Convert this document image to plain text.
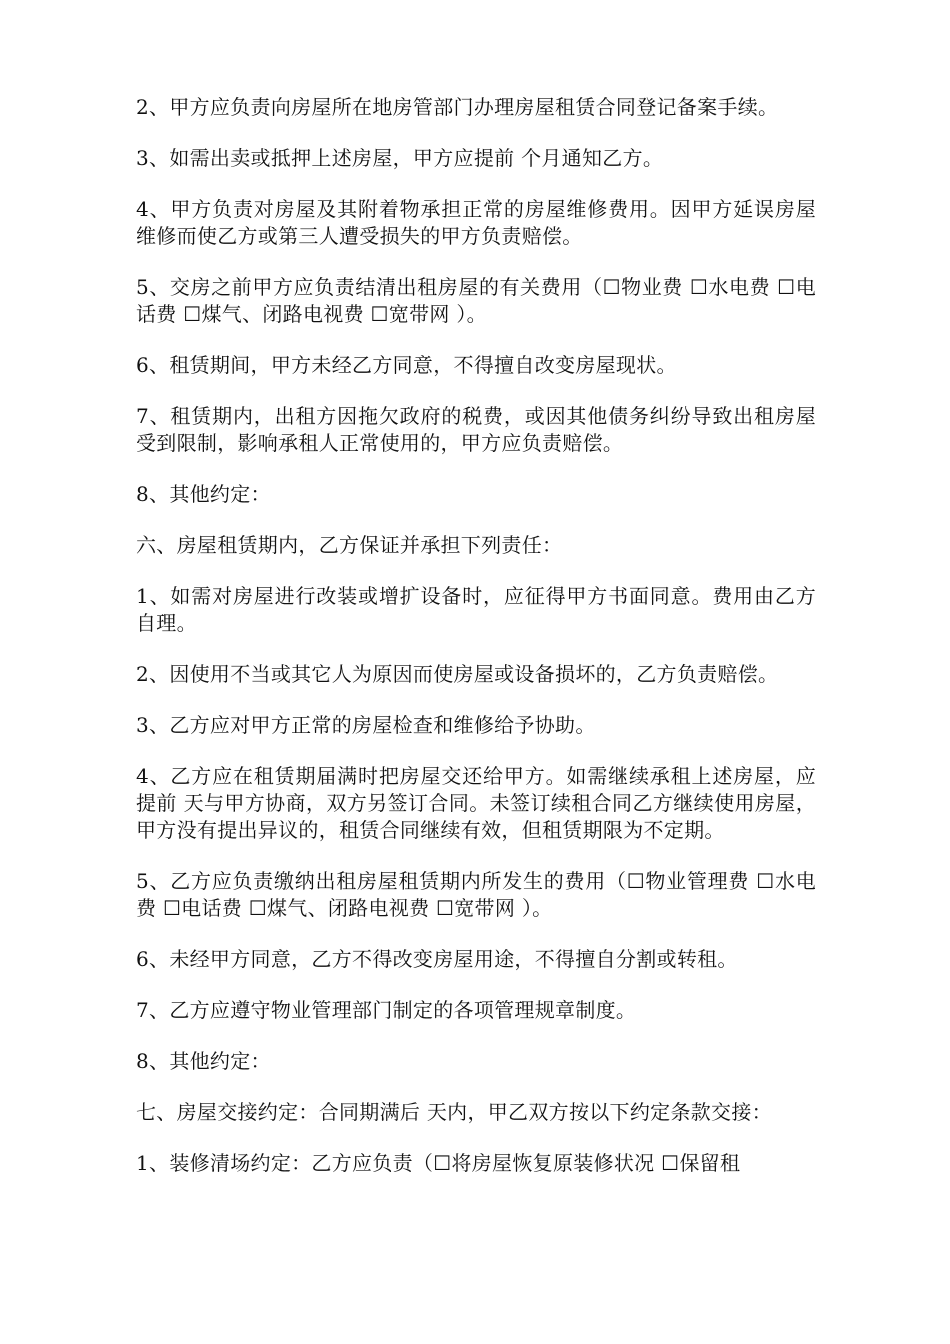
2、甲方应负责向房屋所在地房管部门办理房屋租赁合同登记备案手续。

3、如需出卖或抵押上述房屋，甲方应提前 个月通知乙方。

4、甲方负责对房屋及其附着物承担正常的房屋维修费用。因甲方延误房屋维修而使乙方或第三人遭受损失的甲方负责赔偿。

5、交房之前甲方应负责结清出租房屋的有关费用（☐物业费 ☐水电费 ☐电话费 ☐煤气、闭路电视费 ☐宽带网 ）。

6、租赁期间，甲方未经乙方同意，不得擅自改变房屋现状。

7、租赁期内，出租方因拖欠政府的税费，或因其他债务纠纷导致出租房屋受到限制，影响承租人正常使用的，甲方应负责赔偿。

8、其他约定：

六、房屋租赁期内，乙方保证并承担下列责任：

1、如需对房屋进行改装或增扩设备时，应征得甲方书面同意。费用由乙方自理。

2、因使用不当或其它人为原因而使房屋或设备损坏的，乙方负责赔偿。

3、乙方应对甲方正常的房屋检查和维修给予协助。

4、乙方应在租赁期届满时把房屋交还给甲方。如需继续承租上述房屋，应提前 天与甲方协商，双方另签订合同。未签订续租合同乙方继续使用房屋，甲方没有提出异议的，租赁合同继续有效，但租赁期限为不定期。

5、乙方应负责缴纳出租房屋租赁期内所发生的费用（☐物业管理费 ☐水电费 ☐电话费 ☐煤气、闭路电视费 ☐宽带网 ）。

6、未经甲方同意，乙方不得改变房屋用途，不得擅自分割或转租。

7、乙方应遵守物业管理部门制定的各项管理规章制度。

8、其他约定：

七、房屋交接约定：合同期满后 天内，甲乙双方按以下约定条款交接：

1、装修清场约定：乙方应负责（☐将房屋恢复原装修状况 ☐保留租
